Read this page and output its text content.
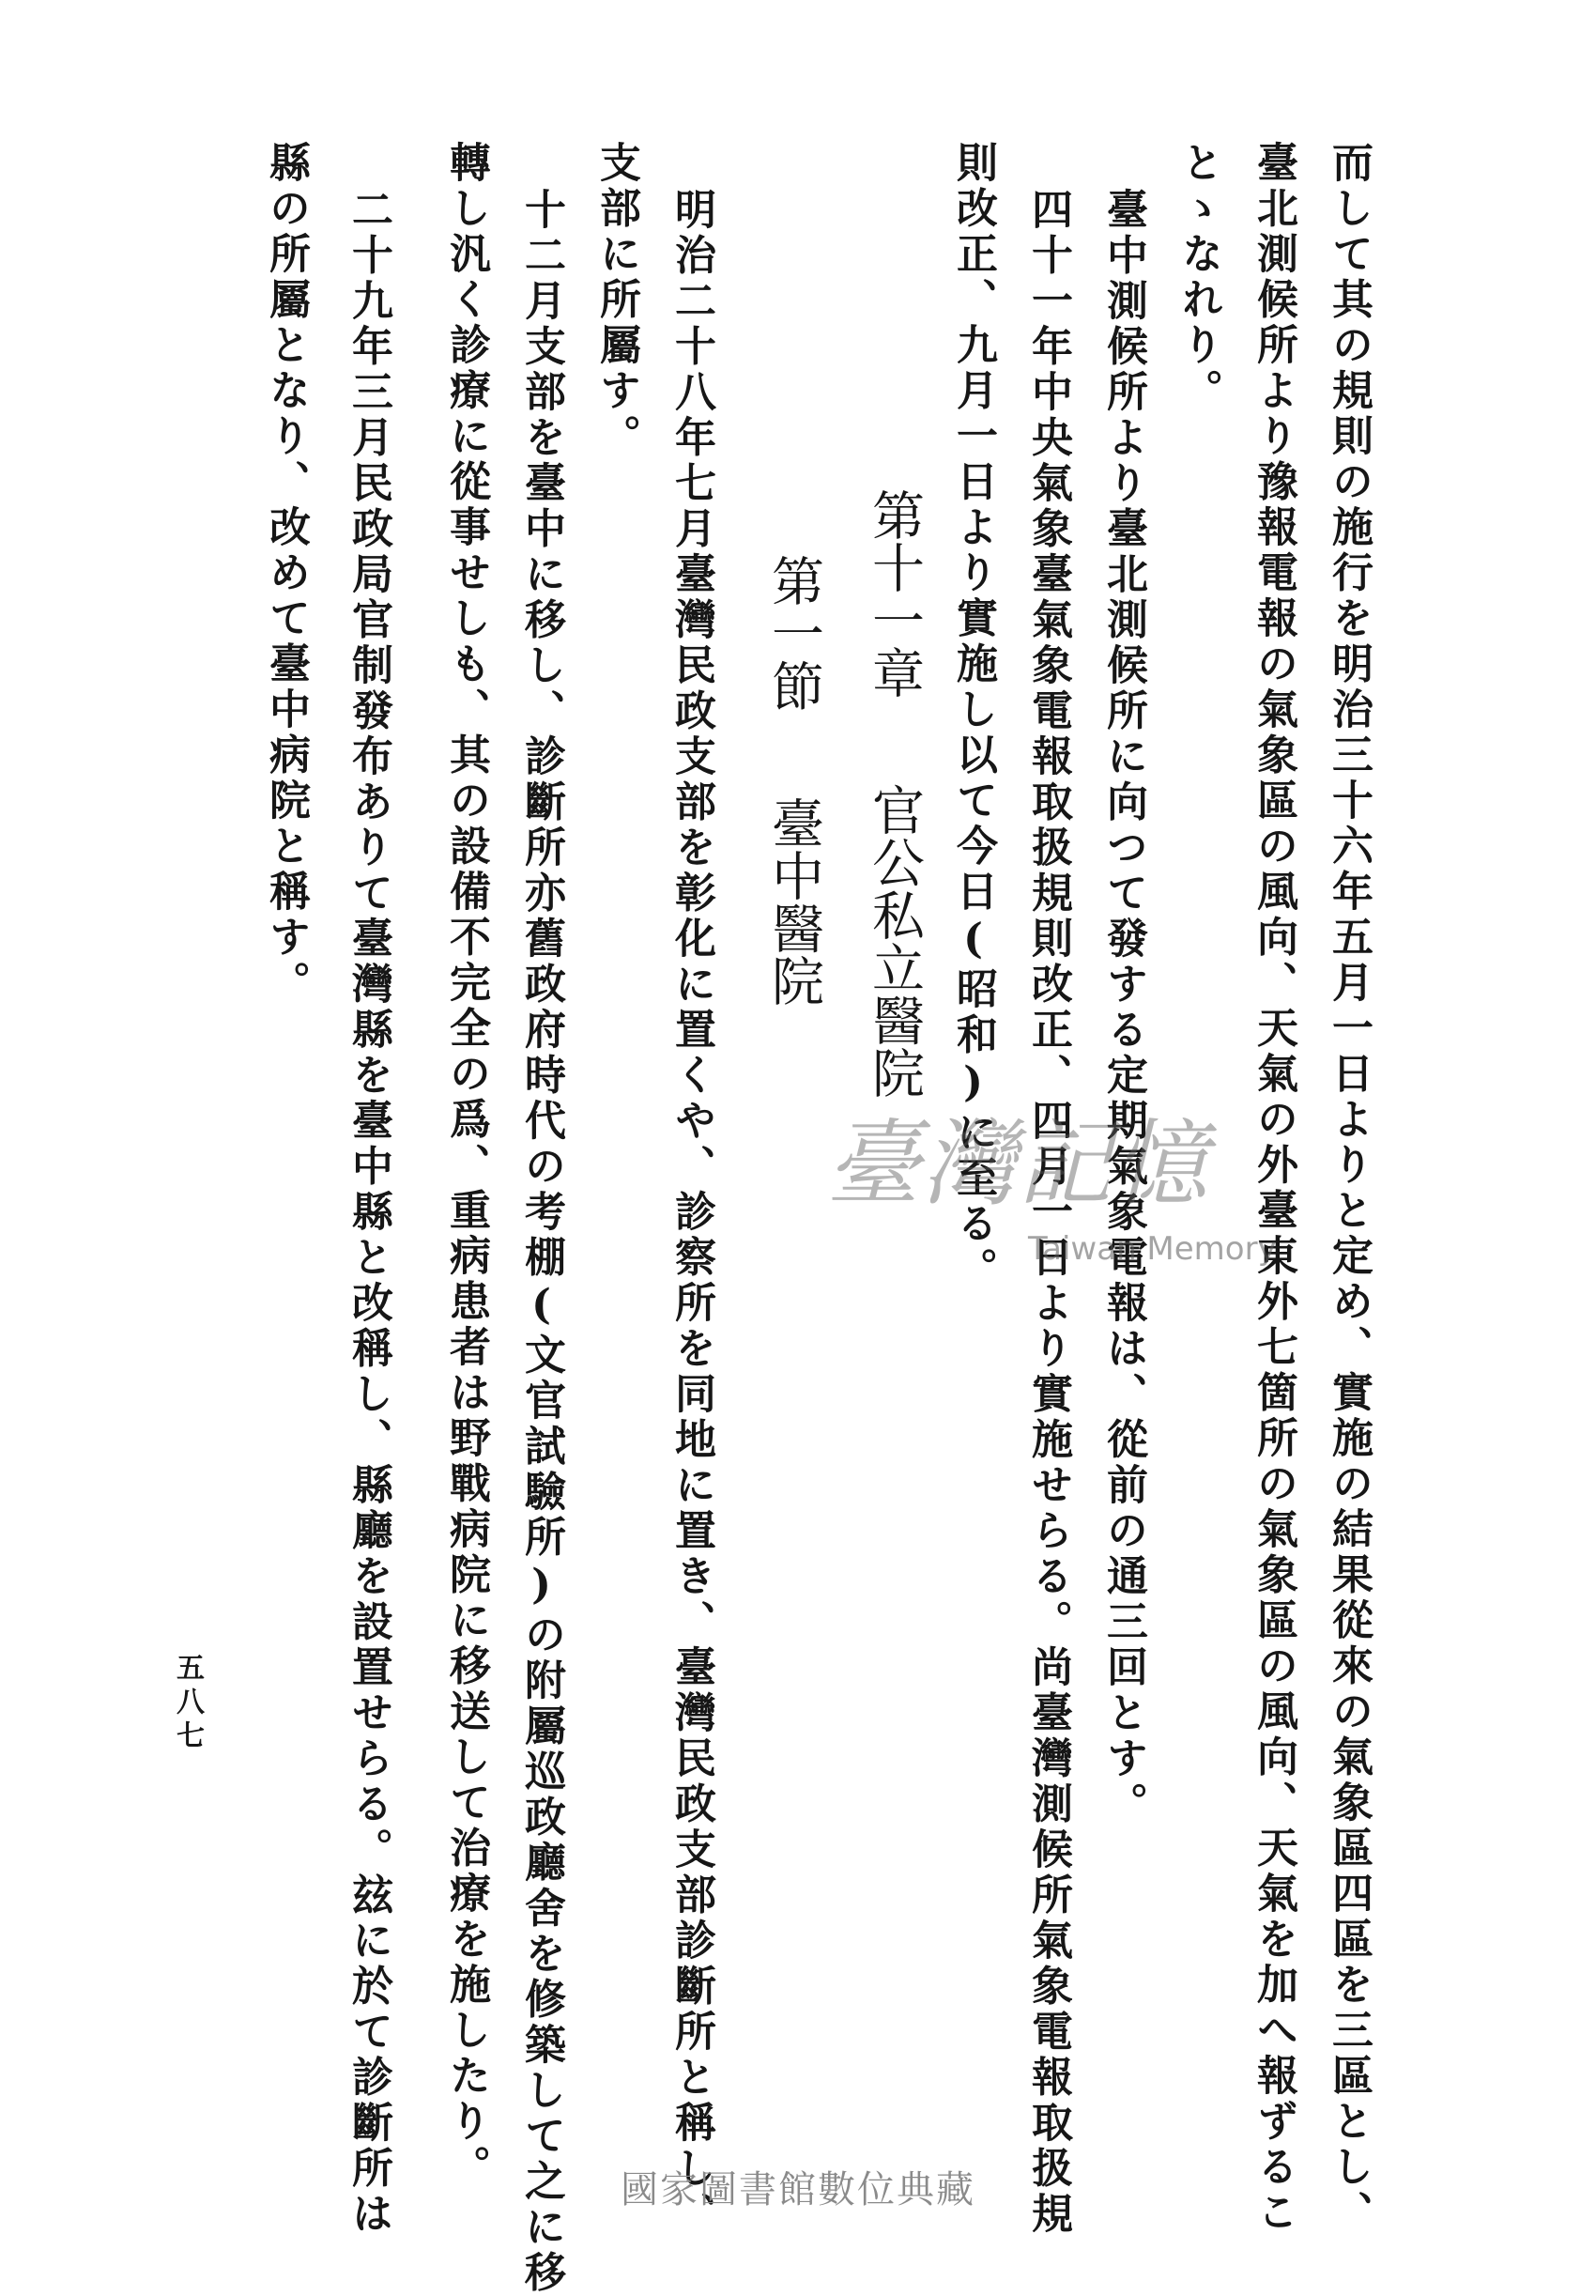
而して其の規則の施行を明治三十六年五月一日よりと定め、實施の結果從來の氣象區四區を三區とし、
臺北測候所より豫報電報の氣象區の風向、天氣の外臺東外七箇所の氣象區の風向、天氣を加へ報ずるこ
とゝなれり。
臺中測候所より臺北測候所に向つて發する定期氣象電報は、從前の通三回とす。
四十一年中央氣象臺氣象電報取扱規則改正、四月一日より實施せらる。尚臺灣測候所氣象電報取扱規
則改正、九月一日より實施し以て今日(昭和)に至る。
第十一章官公私立醫院
第一節臺中醫院
明治二十八年七月臺灣民政支部を彰化に置くや、診察所を同地に置き、臺灣民政支部診斷所と稱し、
支部に所屬す。
十二月支部を臺中に移し、診斷所亦舊政府時代の考棚(文官試驗所)の附屬巡政廳舍を修築して之に移
轉し汎く診療に從事せしも、其の設備不完全の爲、重病患者は野戰病院に移送して治療を施したり。
二十九年三月民政局官制發布ありて臺灣縣を臺中縣と改稱し、縣廳を設置せらる。玆に於て診斷所は
縣の所屬となり、改めて臺中病院と稱す。
五八七
臺灣記憶
Taiwan Memory
國家圖書館數位典藏
